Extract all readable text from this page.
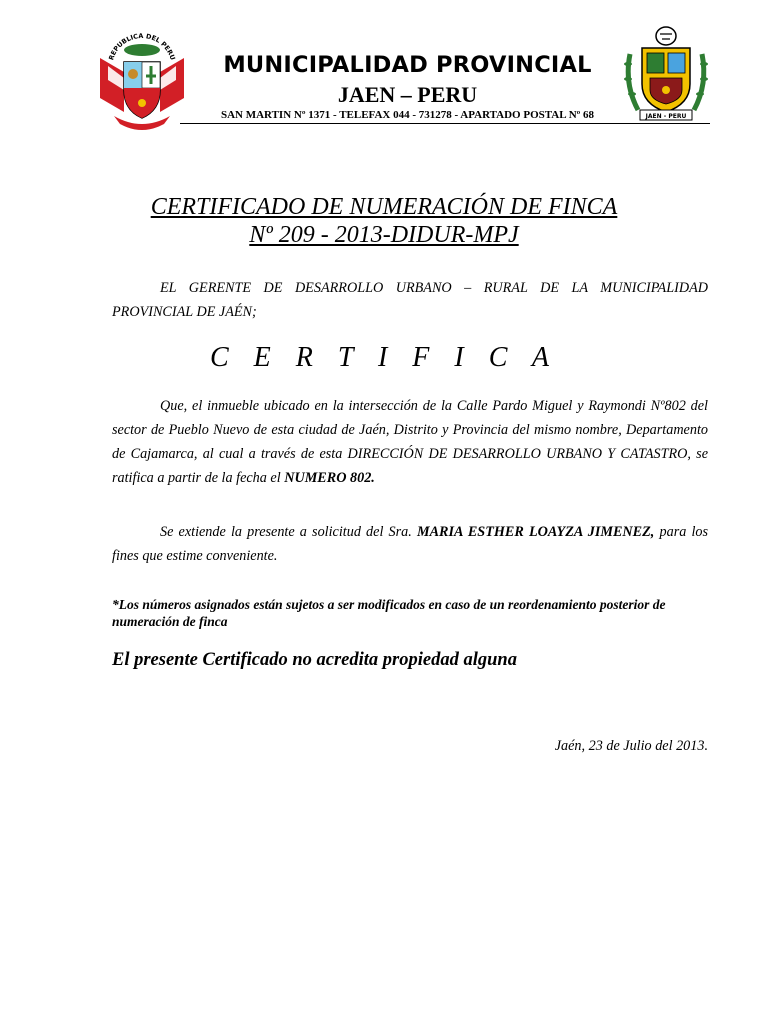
REPUBLICA DEL PERU
JAEN - PERU
MUNICIPALIDAD PROVINCIAL
JAEN – PERU
SAN MARTIN Nº 1371 - TELEFAX 044 - 731278 - APARTADO POSTAL Nº 68
CERTIFICADO DE NUMERACIÓN DE FINCA
Nº 209 - 2013-DIDUR-MPJ
EL GERENTE DE DESARROLLO URBANO – RURAL DE LA MUNICIPALIDAD PROVINCIAL DE JAÉN;
C E R T I F I C A
Que, el inmueble ubicado en la intersección de la Calle Pardo Miguel y Raymondi Nº802 del sector de Pueblo Nuevo de esta ciudad de Jaén, Distrito y Provincia del mismo nombre, Departamento de Cajamarca, al cual a través de esta DIRECCIÓN DE DESARROLLO URBANO Y CATASTRO, se ratifica a partir de la fecha el NUMERO 802.
Se extiende la presente a solicitud del Sra. MARIA ESTHER LOAYZA JIMENEZ, para los fines que estime conveniente.
*Los números asignados están sujetos a ser modificados en caso de un reordenamiento posterior de numeración de finca
El presente Certificado no acredita propiedad alguna
Jaén, 23 de Julio del 2013.
